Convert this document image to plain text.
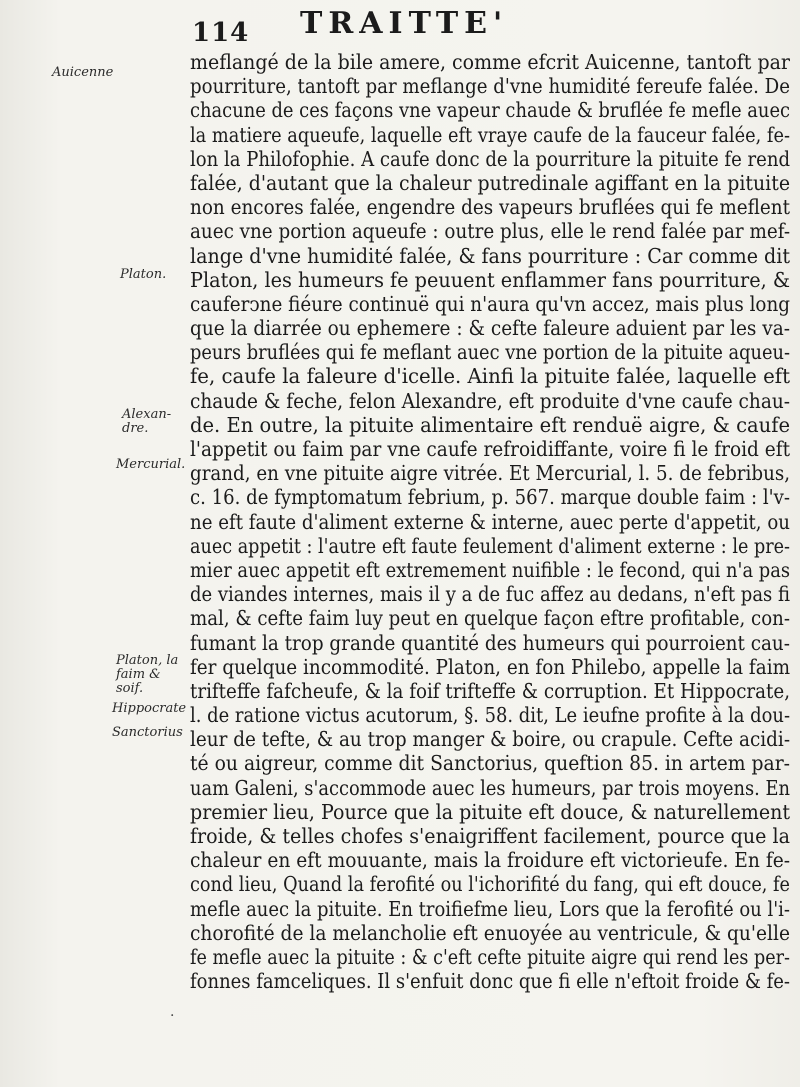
114 TRAITTE'
Auicenne
Platon.
Alexan-
dre.
Mercurial.
Platon, la
faim &
soif.
Hippocrate
Sanctorius
meflangé de la bile amere, comme efcrit Auicenne, tantoft par
pourriture, tantoft par meflange d'vne humidité fereufe falée. De
chacune de ces façons vne vapeur chaude & bruflée fe mefle auec
la matiere aqueufe, laquelle eft vraye caufe de la fauceur falée, fe-
lon la Philofophie. A caufe donc de la pourriture la pituite fe rend
falée, d'autant que la chaleur putredinale agiffant en la pituite
non encores falée, engendre des vapeurs bruflées qui fe meflent
auec vne portion aqueufe : outre plus, elle le rend falée par mef-
lange d'vne humidité falée, & fans pourriture : Car comme dit
Platon, les humeurs fe peuuent enflammer fans pourriture, &
cauferↄne fiéure continuë qui n'aura qu'vn accez, mais plus long
que la diarrée ou ephemere : & cefte faleure aduient par les va-
peurs bruflées qui fe meflant auec vne portion de la pituite aqueu-
fe, caufe la faleure d'icelle. Ainfi la pituite falée, laquelle eft
chaude & feche, felon Alexandre, eft produite d'vne caufe chau-
de. En outre, la pituite alimentaire eft renduë aigre, & caufe
l'appetit ou faim par vne caufe refroidiffante, voire fi le froid eft
grand, en vne pituite aigre vitrée. Et Mercurial, l. 5. de febribus,
c. 16. de fymptomatum febrium, p. 567. marque double faim : l'v-
ne eft faute d'aliment externe & interne, auec perte d'appetit, ou
auec appetit : l'autre eft faute feulement d'aliment externe : le pre-
mier auec appetit eft extremement nuifible : le fecond, qui n'a pas
de viandes internes, mais il y a de fuc affez au dedans, n'eft pas fi
mal, & cefte faim luy peut en quelque façon eftre profitable, con-
fumant la trop grande quantité des humeurs qui pourroient cau-
fer quelque incommodité. Platon, en fon Philebo, appelle la faim
trifteffe fafcheufe, & la foif trifteffe & corruption. Et Hippocrate,
l. de ratione victus acutorum, §. 58. dit, Le ieufne profite à la dou-
leur de tefte, & au trop manger & boire, ou crapule. Cefte acidi-
té ou aigreur, comme dit Sanctorius, queftion 85. in artem par-
uam Galeni, s'accommode auec les humeurs, par trois moyens. En
premier lieu, Pource que la pituite eft douce, & naturellement
froide, & telles chofes s'enaigriffent facilement, pource que la
chaleur en eft mouuante, mais la froidure eft victorieufe. En fe-
cond lieu, Quand la ferofité ou l'ichorifité du fang, qui eft douce, fe
mefle auec la pituite. En troifiefme lieu, Lors que la ferofité ou l'i-
chorofité de la melancholie eft enuoyée au ventricule, & qu'elle
fe mefle auec la pituite : & c'eft cefte pituite aigre qui rend les per-
fonnes famceliques. Il s'enfuit donc que fi elle n'eftoit froide & fe-
·
